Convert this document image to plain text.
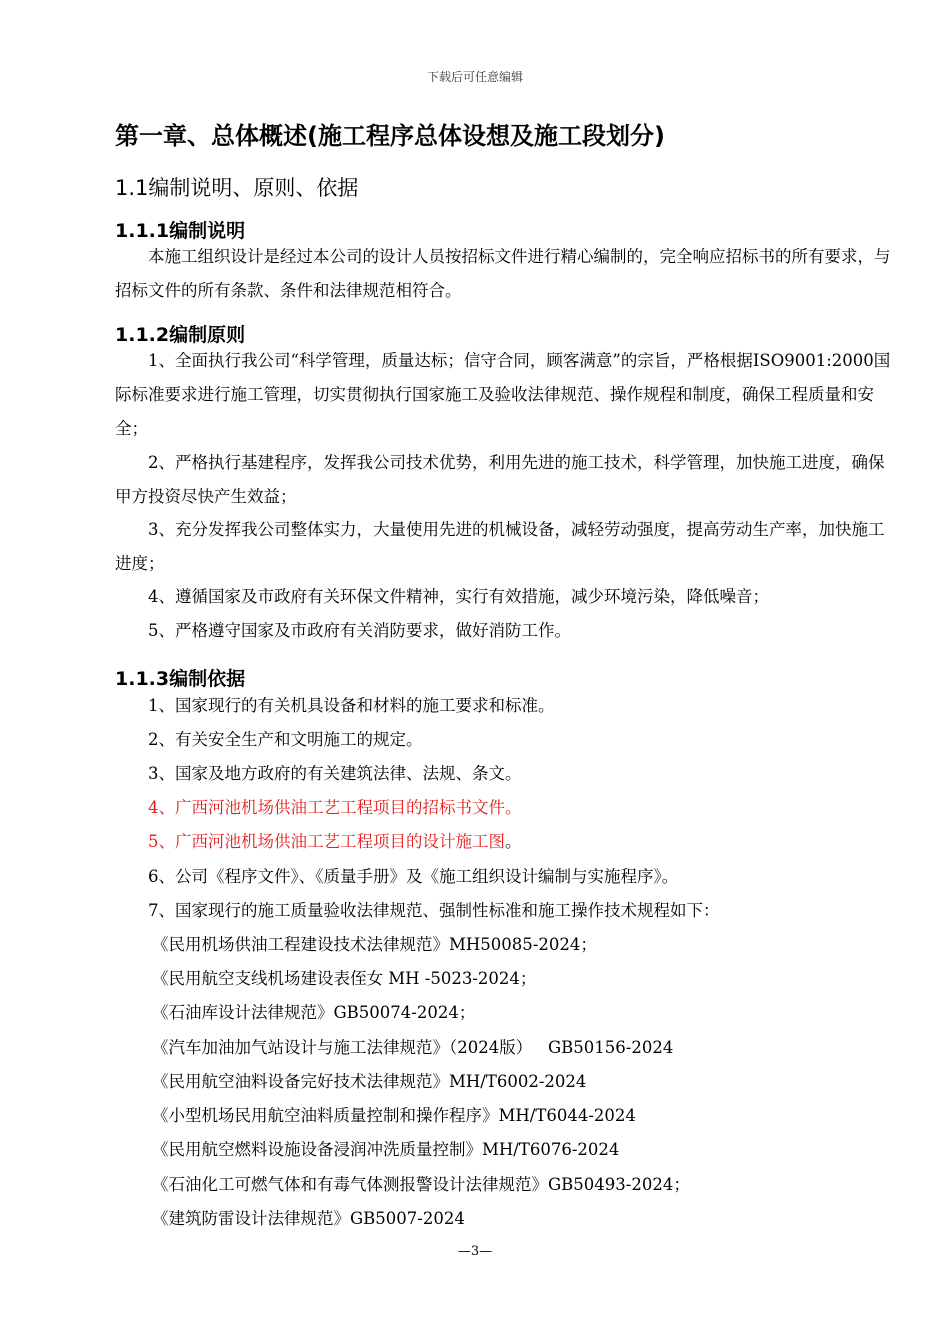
下载后可任意编辑
第一章、总体概述(施工程序总体设想及施工段划分)
1.1编制说明、原则、依据
1.1.1编制说明
本施工组织设计是经过本公司的设计人员按招标文件进行精心编制的，完全响应招标书的所有要求，与招标文件的所有条款、条件和法律规范相符合。
1.1.2编制原则
1、全面执行我公司“科学管理，质量达标；信守合同，顾客满意”的宗旨，严格根据ISO9001:2000国际标准要求进行施工管理，切实贯彻执行国家施工及验收法律规范、操作规程和制度，确保工程质量和安全；
2、严格执行基建程序，发挥我公司技术优势，利用先进的施工技术，科学管理，加快施工进度，确保甲方投资尽快产生效益；
3、充分发挥我公司整体实力，大量使用先进的机械设备，减轻劳动强度，提高劳动生产率，加快施工进度；
4、遵循国家及市政府有关环保文件精神，实行有效措施，减少环境污染，降低噪音；
5、严格遵守国家及市政府有关消防要求，做好消防工作。
1.1.3编制依据
1、国家现行的有关机具设备和材料的施工要求和标准。
2、有关安全生产和文明施工的规定。
3、国家及地方政府的有关建筑法律、法规、条文。
4、广西河池机场供油工艺工程项目的招标书文件。
5、广西河池机场供油工艺工程项目的设计施工图。
6、公司《程序文件》、《质量手册》及《施工组织设计编制与实施程序》。
7、国家现行的施工质量验收法律规范、强制性标准和施工操作技术规程如下：
《民用机场供油工程建设技术法律规范》MH50085-2024；
《民用航空支线机场建设表侄女 MH -5023-2024；
《石油库设计法律规范》GB50074-2024；
《汽车加油加气站设计与施工法律规范》（2024版）   GB50156-2024
《民用航空油料设备完好技术法律规范》MH/T6002-2024
《小型机场民用航空油料质量控制和操作程序》MH/T6044-2024
《民用航空燃料设施设备浸润冲洗质量控制》MH/T6076-2024
《石油化工可燃气体和有毒气体测报警设计法律规范》GB50493-2024；
《建筑防雷设计法律规范》GB5007-2024
—3—
